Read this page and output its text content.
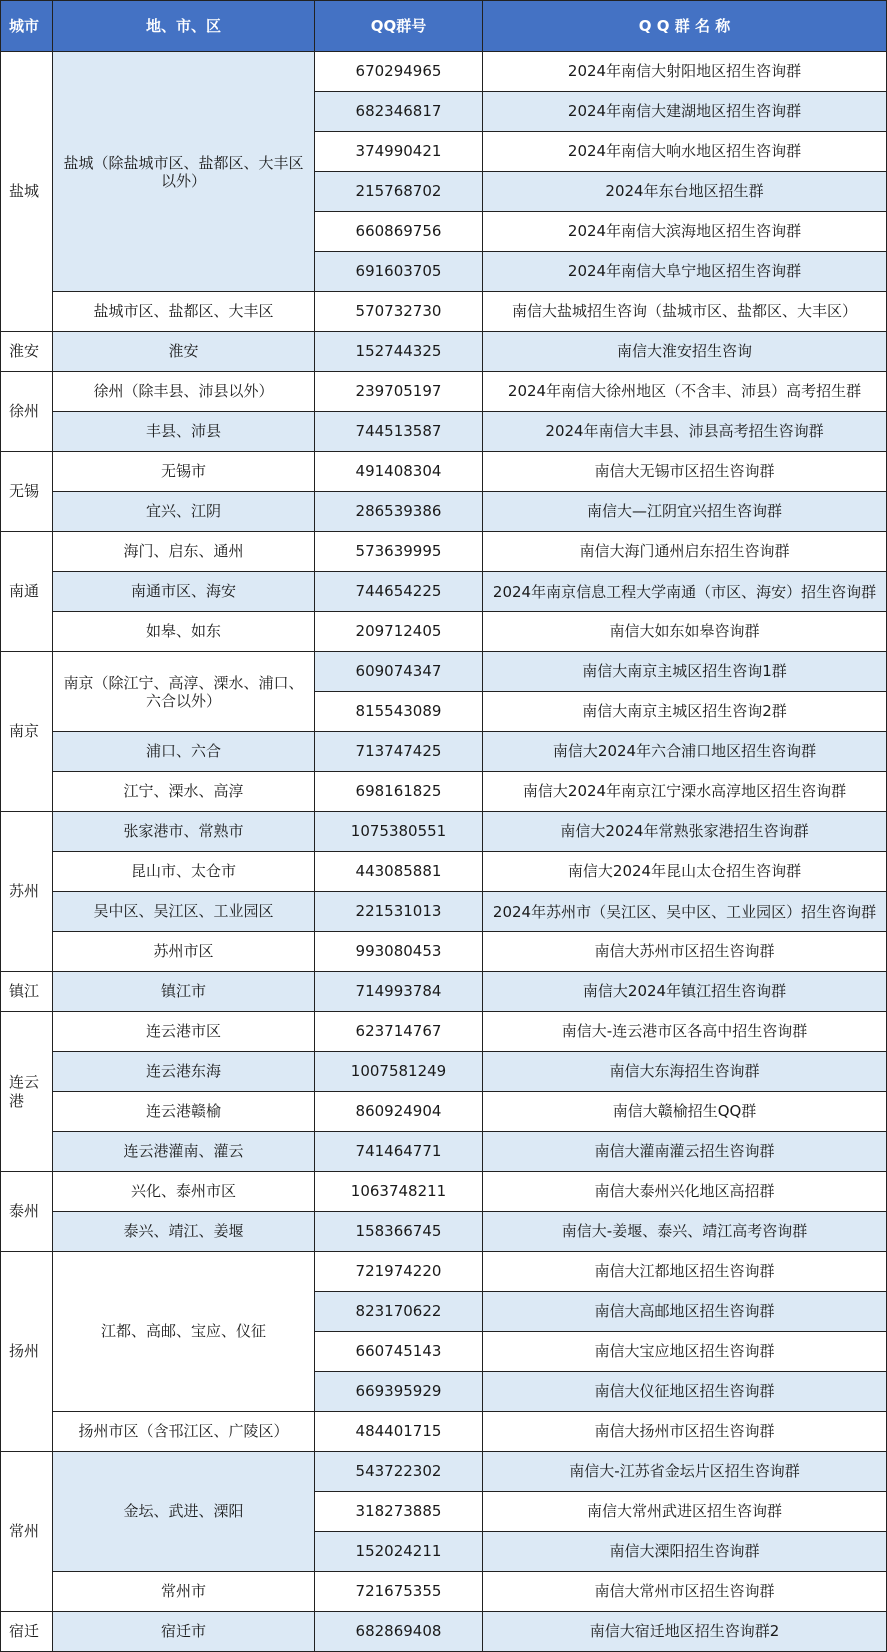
城市	地、市、区	QQ群号	Q Q 群 名 称
盐城	盐城（除盐城市区、盐都区、大丰区以外）	670294965	2024年南信大射阳地区招生咨询群
		682346817	2024年南信大建湖地区招生咨询群
		374990421	2024年南信大响水地区招生咨询群
		215768702	2024年东台地区招生群
		660869756	2024年南信大滨海地区招生咨询群
		691603705	2024年南信大阜宁地区招生咨询群
	盐城市区、盐都区、大丰区	570732730	南信大盐城招生咨询（盐城市区、盐都区、大丰区）
淮安	淮安	152744325	南信大淮安招生咨询
徐州	徐州（除丰县、沛县以外）	239705197	2024年南信大徐州地区（不含丰、沛县）高考招生群
	丰县、沛县	744513587	2024年南信大丰县、沛县高考招生咨询群
无锡	无锡市	491408304	南信大无锡市区招生咨询群
	宜兴、江阴	286539386	南信大—江阴宜兴招生咨询群
南通	海门、启东、通州	573639995	南信大海门通州启东招生咨询群
	南通市区、海安	744654225	2024年南京信息工程大学南通（市区、海安）招生咨询群
	如皋、如东	209712405	南信大如东如皋咨询群
南京	南京（除江宁、高淳、溧水、浦口、六合以外）	609074347	南信大南京主城区招生咨询1群
		815543089	南信大南京主城区招生咨询2群
	浦口、六合	713747425	南信大2024年六合浦口地区招生咨询群
	江宁、溧水、高淳	698161825	南信大2024年南京江宁溧水高淳地区招生咨询群
苏州	张家港市、常熟市	1075380551	南信大2024年常熟张家港招生咨询群
	昆山市、太仓市	443085881	南信大2024年昆山太仓招生咨询群
	吴中区、吴江区、工业园区	221531013	2024年苏州市（吴江区、吴中区、工业园区）招生咨询群
	苏州市区	993080453	南信大苏州市区招生咨询群
镇江	镇江市	714993784	南信大2024年镇江招生咨询群
连云港	连云港市区	623714767	南信大-连云港市区各高中招生咨询群
	连云港东海	1007581249	南信大东海招生咨询群
	连云港赣榆	860924904	南信大赣榆招生QQ群
	连云港灌南、灌云	741464771	南信大灌南灌云招生咨询群
泰州	兴化、泰州市区	1063748211	南信大泰州兴化地区高招群
	泰兴、靖江、姜堰	158366745	南信大-姜堰、泰兴、靖江高考咨询群
扬州	江都、高邮、宝应、仪征	721974220	南信大江都地区招生咨询群
		823170622	南信大高邮地区招生咨询群
		660745143	南信大宝应地区招生咨询群
		669395929	南信大仪征地区招生咨询群
	扬州市区（含邗江区、广陵区）	484401715	南信大扬州市区招生咨询群
常州	金坛、武进、溧阳	543722302	南信大-江苏省金坛片区招生咨询群
		318273885	南信大常州武进区招生咨询群
		152024211	南信大溧阳招生咨询群
	常州市	721675355	南信大常州市区招生咨询群
宿迁	宿迁市	682869408	南信大宿迁地区招生咨询群2
